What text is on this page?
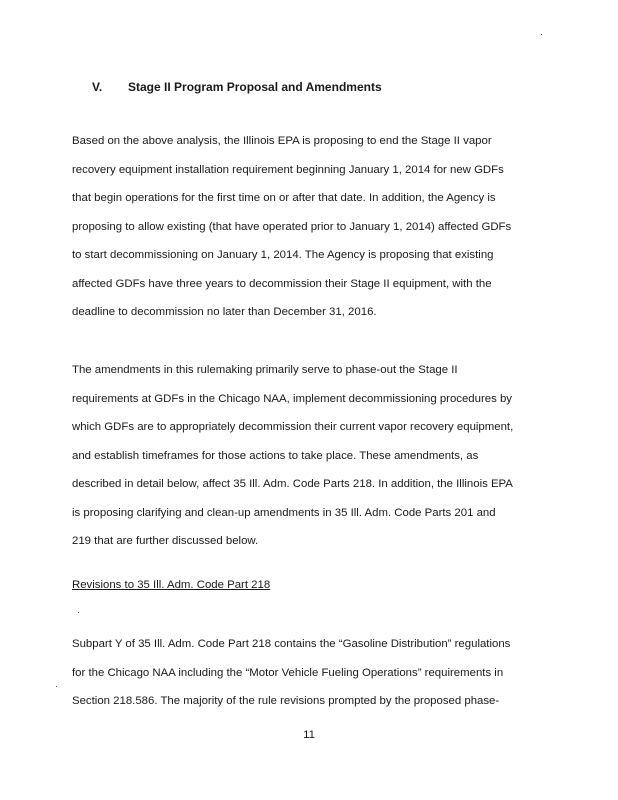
V. Stage II Program Proposal and Amendments

Based on the above analysis, the Illinois EPA is proposing to end the Stage II vapor
recovery equipment installation requirement beginning January 1, 2014 for new GDFs
that begin operations for the first time on or after that date. In addition, the Agency is
proposing to allow existing (that have operated prior to January 1, 2014) affected GDFs
to start decommissioning on January 1, 2014. The Agency is proposing that existing
affected GDFs have three years to decommission their Stage II equipment, with the
deadline to decommission no later than December 31, 2016.

The amendments in this rulemaking primarily serve to phase-out the Stage II
requirements at GDFs in the Chicago NAA, implement decommissioning procedures by
which GDFs are to appropriately decommission their current vapor recovery equipment,
and establish timeframes for those actions to take place. These amendments, as
described in detail below, affect 35 Ill. Adm. Code Parts 218. In addition, the Illinois EPA
is proposing clarifying and clean-up amendments in 35 Ill. Adm. Code Parts 201 and
219 that are further discussed below.

Revisions to 35 Ill. Adm. Code Part 218

Subpart Y of 35 Ill. Adm. Code Part 218 contains the “Gasoline Distribution” regulations
for the Chicago NAA including the “Motor Vehicle Fueling Operations” requirements in
Section 218.586. The majority of the rule revisions prompted by the proposed phase-

11
